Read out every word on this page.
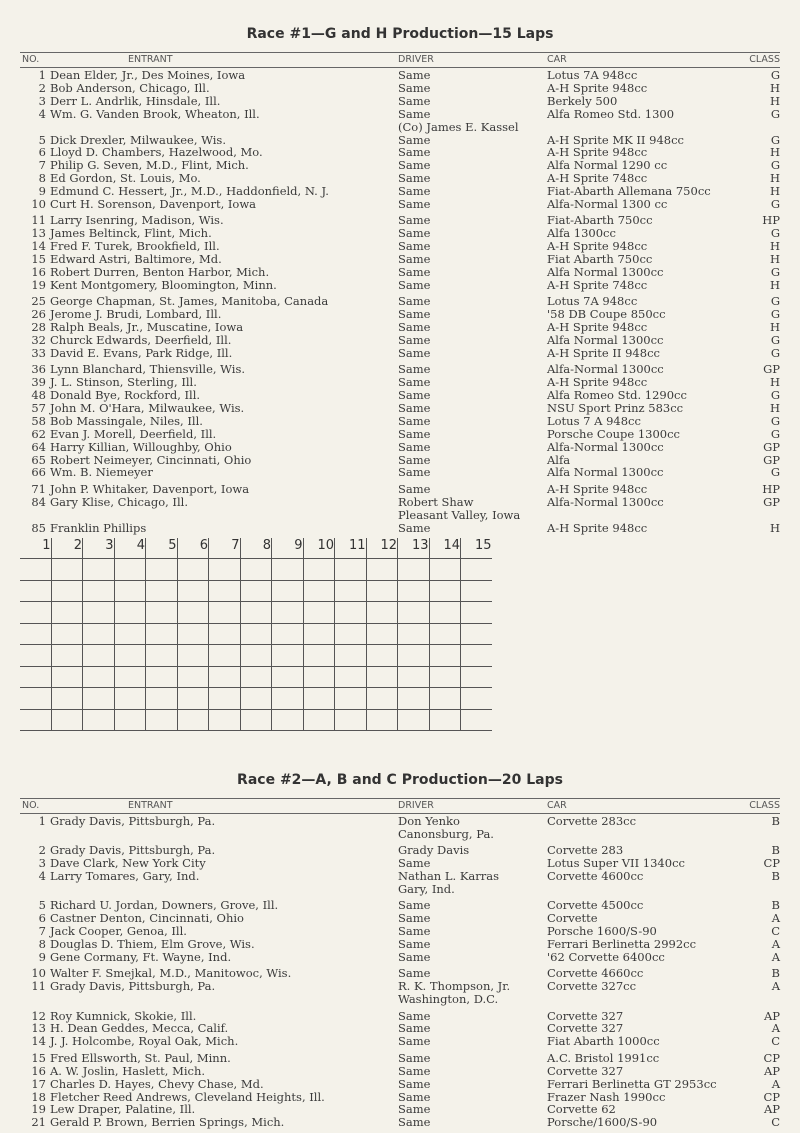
Race #1—G and H Production—15 Laps
NO.	ENTRANT	DRIVER	CAR	CLASS
1 Dean Elder, Jr., Des Moines, Iowa	Same	Lotus 7A 948cc	G
2 Bob Anderson, Chicago, Ill.	Same	A-H Sprite 948cc	H
3 Derr L. Andrlik, Hinsdale, Ill.	Same	Berkely 500	H
4 Wm. G. Vanden Brook, Wheaton, Ill.	Same	Alfa Romeo Std. 1300	G
(Co) James E. Kassel
5 Dick Drexler, Milwaukee, Wis.	Same	A-H Sprite MK II 948cc	G
6 Lloyd D. Chambers, Hazelwood, Mo.	Same	A-H Sprite 948cc	H
7 Philip G. Seven, M.D., Flint, Mich.	Same	Alfa Normal 1290 cc	G
8 Ed Gordon, St. Louis, Mo.	Same	A-H Sprite 748cc	H
9 Edmund C. Hessert, Jr., M.D., Haddonfield, N. J.	Same	Fiat-Abarth Allemana 750cc	H
10 Curt H. Sorenson, Davenport, Iowa	Same	Alfa-Normal 1300 cc	G
11 Larry Isenring, Madison, Wis.	Same	Fiat-Abarth 750cc	HP
13 James Beltinck, Flint, Mich.	Same	Alfa 1300cc	G
14 Fred F. Turek, Brookfield, Ill.	Same	A-H Sprite 948cc	H
15 Edward Astri, Baltimore, Md.	Same	Fiat Abarth 750cc	H
16 Robert Durren, Benton Harbor, Mich.	Same	Alfa Normal 1300cc	G
19 Kent Montgomery, Bloomington, Minn.	Same	A-H Sprite 748cc	H
25 George Chapman, St. James, Manitoba, Canada	Same	Lotus 7A 948cc	G
26 Jerome J. Brudi, Lombard, Ill.	Same	'58 DB Coupe 850cc	G
28 Ralph Beals, Jr., Muscatine, Iowa	Same	A-H Sprite 948cc	H
32 Churck Edwards, Deerfield, Ill.	Same	Alfa Normal 1300cc	G
33 David E. Evans, Park Ridge, Ill.	Same	A-H Sprite II 948cc	G
36 Lynn Blanchard, Thiensville, Wis.	Same	Alfa-Normal 1300cc	GP
39 J. L. Stinson, Sterling, Ill.	Same	A-H Sprite 948cc	H
48 Donald Bye, Rockford, Ill.	Same	Alfa Romeo Std. 1290cc	G
57 John M. O'Hara, Milwaukee, Wis.	Same	NSU Sport Prinz 583cc	H
58 Bob Massingale, Niles, Ill.	Same	Lotus 7 A 948cc	G
62 Evan J. Morell, Deerfield, Ill.	Same	Porsche Coupe 1300cc	G
64 Harry Killian, Willoughby, Ohio	Same	Alfa-Normal 1300cc	GP
65 Robert Neimeyer, Cincinnati, Ohio	Same	Alfa	GP
66 Wm. B. Niemeyer	Same	Alfa Normal 1300cc	G
71 John P. Whitaker, Davenport, Iowa	Same	A-H Sprite 948cc	HP
84 Gary Klise, Chicago, Ill.	Robert Shaw	Alfa-Normal 1300cc	GP
Pleasant Valley, Iowa
85 Franklin Phillips	Same	A-H Sprite 948cc	H
1	2	3	4	5	6	7	8	9	10	11	12	13	14	15

Race #2—A, B and C Production—20 Laps
NO.	ENTRANT	DRIVER	CAR	CLASS
1 Grady Davis, Pittsburgh, Pa.	Don Yenko	Corvette 283cc	B
Canonsburg, Pa.
2 Grady Davis, Pittsburgh, Pa.	Grady Davis	Corvette 283	B
3 Dave Clark, New York City	Same	Lotus Super VII 1340cc	CP
4 Larry Tomares, Gary, Ind.	Nathan L. Karras	Corvette 4600cc	B
Gary, Ind.
5 Richard U. Jordan, Downers, Grove, Ill.	Same	Corvette 4500cc	B
6 Castner Denton, Cincinnati, Ohio	Same	Corvette	A
7 Jack Cooper, Genoa, Ill.	Same	Porsche 1600/S-90	C
8 Douglas D. Thiem, Elm Grove, Wis.	Same	Ferrari Berlinetta 2992cc	A
9 Gene Cormany, Ft. Wayne, Ind.	Same	'62 Corvette 6400cc	A
10 Walter F. Smejkal, M.D., Manitowoc, Wis.	Same	Corvette 4660cc	B
11 Grady Davis, Pittsburgh, Pa.	R. K. Thompson, Jr.	Corvette 327cc	A
Washington, D.C.
12 Roy Kumnick, Skokie, Ill.	Same	Corvette 327	AP
13 H. Dean Geddes, Mecca, Calif.	Same	Corvette 327	A
14 J. J. Holcombe, Royal Oak, Mich.	Same	Fiat Abarth 1000cc	C
15 Fred Ellsworth, St. Paul, Minn.	Same	A.C. Bristol 1991cc	CP
16 A. W. Joslin, Haslett, Mich.	Same	Corvette 327	AP
17 Charles D. Hayes, Chevy Chase, Md.	Same	Ferrari Berlinetta GT 2953cc	A
18 Fletcher Reed Andrews, Cleveland Heights, Ill.	Same	Frazer Nash 1990cc	CP
19 Lew Draper, Palatine, Ill.	Same	Corvette 62	AP
21 Gerald P. Brown, Berrien Springs, Mich.	Same	Porsche/1600/S-90	C
